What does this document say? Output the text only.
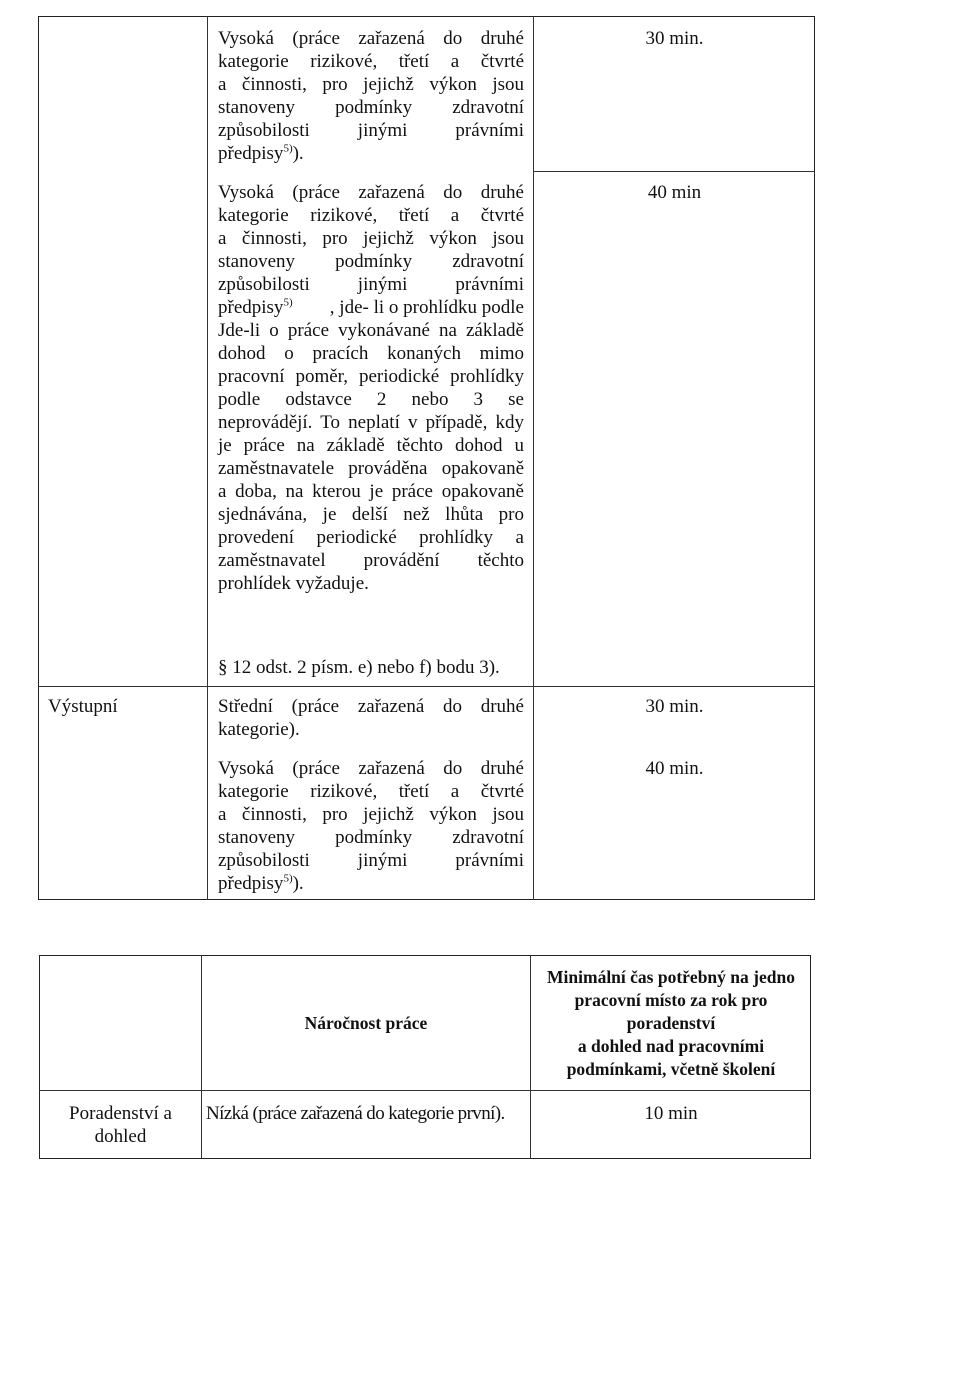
Vysoká (práce zařazená do druhé
kategorie rizikové, třetí a čtvrté
a činnosti, pro jejichž výkon jsou
stanoveny podmínky zdravotní
způsobilosti jinými právními
předpisy$^{5)}$).
30 min.
Vysoká (práce zařazená do druhé
kategorie rizikové, třetí a čtvrté
a činnosti, pro jejichž výkon jsou
stanoveny podmínky zdravotní
způsobilosti jinými právními
předpisy$^{5)}$ , jde- li o prohlídku podle
Jde-li o práce vykonávané na základě
dohod o pracích konaných mimo
pracovní poměr, periodické prohlídky
podle odstavce 2 nebo 3 se
neprovádějí. To neplatí v případě, kdy
je práce na základě těchto dohod u
zaměstnavatele prováděna opakovaně
a doba, na kterou je práce opakovaně
sjednávána, je delší než lhůta pro
provedení periodické prohlídky a
zaměstnavatel provádění těchto
prohlídek vyžaduje.
§ 12 odst. 2 písm. e) nebo f) bodu 3).
40 min
Výstupní	Střední (práce zařazená do druhé
kategorie).
30 min.
Vysoká (práce zařazená do druhé
kategorie rizikové, třetí a čtvrté
a činnosti, pro jejichž výkon jsou
stanoveny podmínky zdravotní
způsobilosti jinými právními
předpisy$^{5)}$).
40 min.
Náročnost práce
Minimální čas potřebný na jedno
pracovní místo za rok pro
poradenství
a dohled nad pracovními
podmínkami, včetně školení
Poradenství a
dohled
Nízká (práce zařazená do kategorie první).	10 min
